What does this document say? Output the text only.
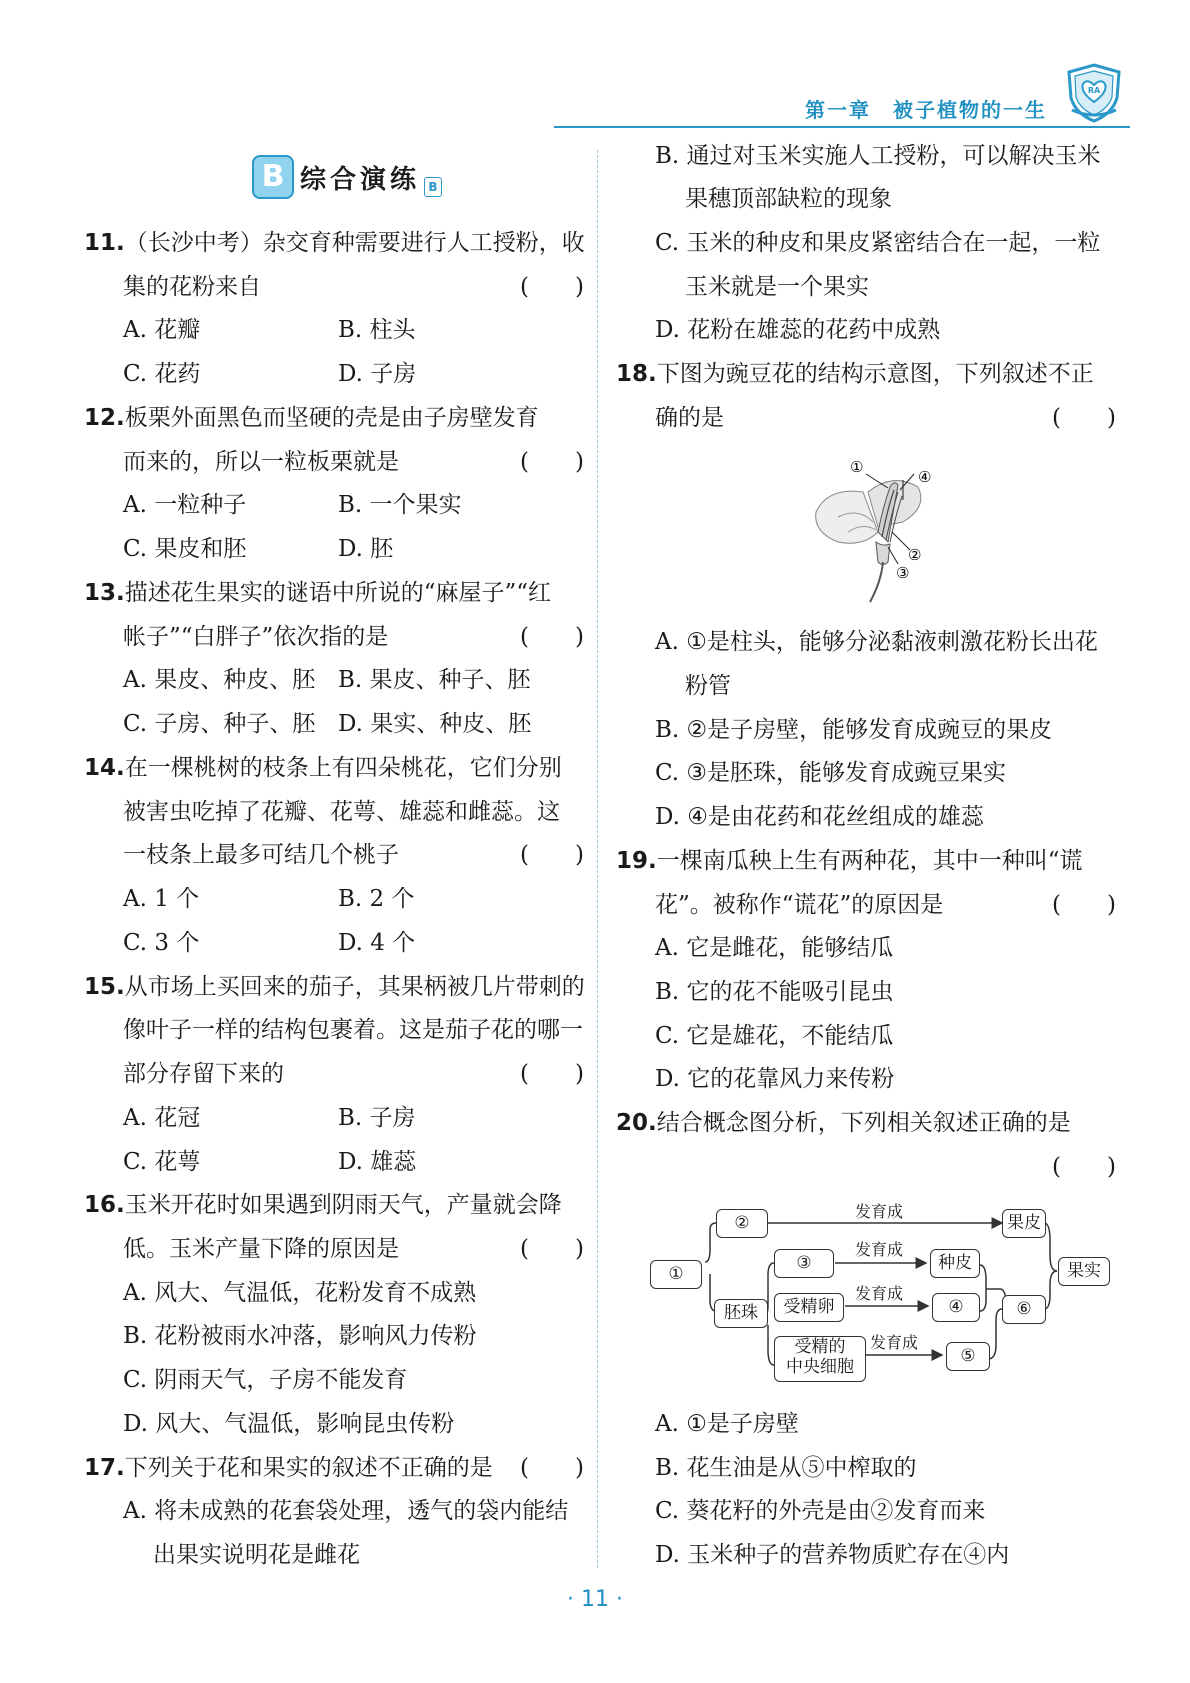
第一章　被子植物的一生
RA
B 综合演练 B
11.（长沙中考）杂交育种需要进行人工授粉，收
集的花粉来自	(　　)
A. 花瓣	B. 柱头
C. 花药	D. 子房
12.板栗外面黑色而坚硬的壳是由子房壁发育
而来的，所以一粒板栗就是	(　　)
A. 一粒种子	B. 一个果实
C. 果皮和胚	D. 胚
13.描述花生果实的谜语中所说的“麻屋子”“红
帐子”“白胖子”依次指的是	(　　)
A. 果皮、种皮、胚 B. 果皮、种子、胚
C. 子房、种子、胚 D. 果实、种皮、胚
14.在一棵桃树的枝条上有四朵桃花，它们分别
被害虫吃掉了花瓣、花萼、雄蕊和雌蕊。这
一枝条上最多可结几个桃子	(　　)
A. 1 个	B. 2 个
C. 3 个	D. 4 个
15.从市场上买回来的茄子，其果柄被几片带刺的
像叶子一样的结构包裹着。这是茄子花的哪一
部分存留下来的	(　　)
A. 花冠	B. 子房
C. 花萼	D. 雄蕊
16.玉米开花时如果遇到阴雨天气，产量就会降
低。玉米产量下降的原因是	(　　)
A. 风大、气温低，花粉发育不成熟
B. 花粉被雨水冲落，影响风力传粉
C. 阴雨天气，子房不能发育
D. 风大、气温低，影响昆虫传粉
17.下列关于花和果实的叙述不正确的是 (　　)
A. 将未成熟的花套袋处理，透气的袋内能结
出果实说明花是雌花
B. 通过对玉米实施人工授粉，可以解决玉米
果穗顶部缺粒的现象
C. 玉米的种皮和果皮紧密结合在一起，一粒
玉米就是一个果实
D. 花粉在雄蕊的花药中成熟
18.下图为豌豆花的结构示意图，下列叙述不正
确的是	(　　)
①
②
③
④
A. ①是柱头，能够分泌黏液刺激花粉长出花
粉管
B. ②是子房壁，能够发育成豌豆的果皮
C. ③是胚珠，能够发育成豌豆果实
D. ④是由花药和花丝组成的雄蕊
19.一棵南瓜秧上生有两种花，其中一种叫“谎
花”。被称作“谎花”的原因是	(　　)
A. 它是雌花，能够结瓜
B. 它的花不能吸引昆虫
C. 它是雄花，不能结瓜
D. 它的花靠风力来传粉
20.结合概念图分析，下列相关叙述正确的是
(　　)
①
②
胚珠
③
受精卵
受精的
中央细胞
种皮
④
⑤
果皮
⑥
果实
发育成
发育成
发育成
发育成
A. ①是子房壁
B. 花生油是从⑤中榨取的
C. 葵花籽的外壳是由②发育而来
D. 玉米种子的营养物质贮存在④内
· 11 ·
